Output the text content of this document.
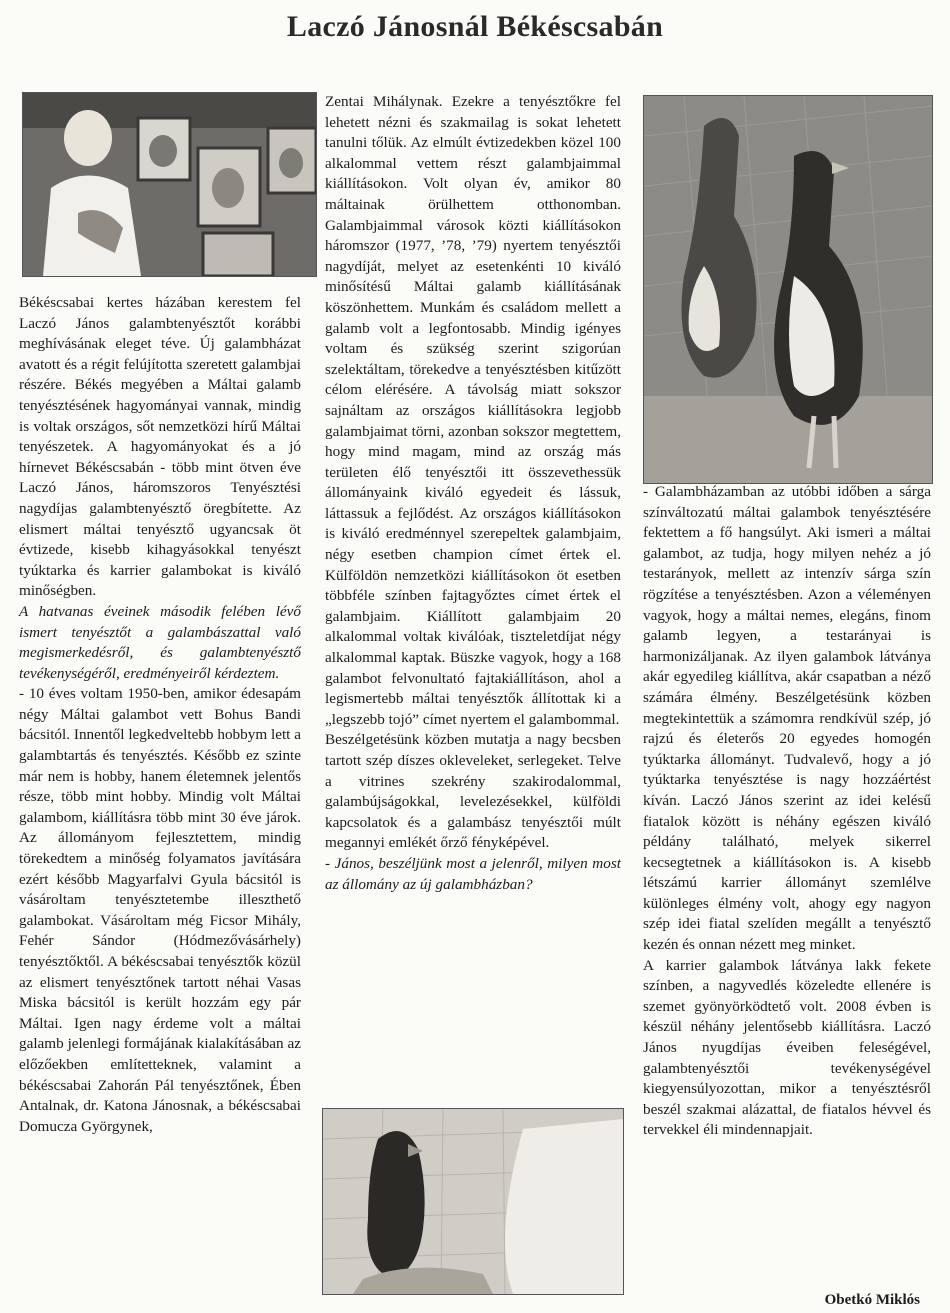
Laczó Jánosnál Békéscsabán

Békéscsabai kertes házában kerestem fel Laczó János galambtenyésztőt korábbi meghívásának eleget téve. Új galambházat avatott és a régit felújította szeretett galambjai részére. Békés megyében a Máltai galamb tenyésztésének hagyományai vannak, mindig is voltak országos, sőt nemzetközi hírű Máltai tenyészetek. A hagyományokat és a jó hírnevet Békéscsabán - több mint ötven éve Laczó János, háromszoros Tenyésztési nagydíjas galambtenyésztő öregbítette. Az elismert máltai tenyésztő ugyancsak öt évtizede, kisebb kihagyásokkal tenyészt tyúktarka és karrier galambokat is kiváló minőségben.

A hatvanas éveinek második felében lévő ismert tenyésztőt a galambászattal való megismerkedésről, és galambtenyésztő tevékenységéről, eredményeiről kérdeztem.

- 10 éves voltam 1950-ben, amikor édesapám négy Máltai galambot vett Bohus Bandi bácsitól. Innentől legkedveltebb hobbym lett a galambtartás és tenyésztés. Később ez szinte már nem is hobby, hanem életemnek jelentős része, több mint hobby. Mindig volt Máltai galambom, kiállításra több mint 30 éve járok. Az állományom fejlesztettem, mindig törekedtem a minőség folyamatos javítására ezért később Magyarfalvi Gyula bácsitól is vásároltam tenyésztetembe illeszthető galambokat. Vásároltam még Ficsor Mihály, Fehér Sándor (Hódmezővásárhely) tenyésztőktől. A békéscsabai tenyésztők közül az elismert tenyésztőnek tartott néhai Vasas Miska bácsitól is került hozzám egy pár Máltai. Igen nagy érdeme volt a máltai galamb jelenlegi formájának kialakításában az előzőekben említetteknek, valamint a békéscsabai Zahorán Pál tenyésztőnek, Ében Antalnak, dr. Katona Jánosnak, a békéscsabai Domucza Györgynek,

Zentai Mihálynak. Ezekre a tenyésztőkre fel lehetett nézni és szakmailag is sokat lehetett tanulni tőlük. Az elmúlt évtizedekben közel 100 alkalommal vettem részt galambjaimmal kiállításokon. Volt olyan év, amikor 80 máltainak örülhettem otthonomban. Galambjaimmal városok közti kiállításokon háromszor (1977, ’78, ’79) nyertem tenyésztői nagydíját, melyet az esetenkénti 10 kiváló minősítésű Máltai galamb kiállításának köszönhettem. Munkám és családom mellett a galamb volt a legfontosabb. Mindig igényes voltam és szükség szerint szigorúan szelektáltam, törekedve a tenyésztésben kitűzött célom elérésére. A távolság miatt sokszor sajnáltam az országos kiállításokra legjobb galambjaimat törni, azonban sokszor megtettem, hogy mind magam, mind az ország más területen élő tenyésztői itt összevethessük állományaink kiváló egyedeit és lássuk, láttassuk a fejlődést. Az országos kiállításokon is kiváló eredménnyel szerepeltek galambjaim, négy esetben champion címet értek el. Külföldön nemzetközi kiállításokon öt esetben többféle színben fajtagyőztes címet értek el galambjaim. Kiállított galambjaim 20 alkalommal voltak kiválóak, tiszteletdíjat négy alkalommal kaptak. Büszke vagyok, hogy a 168 galambot felvonultató fajtakiállításon, ahol a legismertebb máltai tenyésztők állítottak ki a „legszebb tojó” címet nyertem el galambommal.

Beszélgetésünk közben mutatja a nagy becsben tartott szép díszes okleveleket, serlegeket. Telve a vitrines szekrény szakirodalommal, galambújságokkal, levelezésekkel, külföldi kapcsolatok és a galambász tenyésztői múlt megannyi emlékét őrző fényképével.

- János, beszéljünk most a jelenről, milyen most az állomány az új galambházban?

- Galambházamban az utóbbi időben a sárga színváltozatú máltai galambok tenyésztésére fektettem a fő hangsúlyt. Aki ismeri a máltai galambot, az tudja, hogy milyen nehéz a jó testarányok, mellett az intenzív sárga szín rögzítése a tenyésztésben. Azon a véleményen vagyok, hogy a máltai nemes, elegáns, finom galamb legyen, a testarányai is harmonizáljanak. Az ilyen galambok látványa akár egyedileg kiállítva, akár csapatban a néző számára élmény. Beszélgetésünk közben megtekintettük a számomra rendkívül szép, jó rajzú és életerős 20 egyedes homogén tyúktarka állományt. Tudvalevő, hogy a jó tyúktarka tenyésztése is nagy hozzáértést kíván. Laczó János szerint az idei kelésű fiatalok között is néhány egészen kiváló példány található, melyek sikerrel kecsegtetnek a kiállításokon is. A kisebb létszámú karrier állományt szemlélve különleges élmény volt, ahogy egy nagyon szép idei fiatal szelíden megállt a tenyésztő kezén és onnan nézett meg minket.

A karrier galambok látványa lakk fekete színben, a nagyvedlés közeledte ellenére is szemet gyönyörködtető volt. 2008 évben is készül néhány jelentősebb kiállításra. Laczó János nyugdíjas éveiben feleségével, galambtenyésztői tevékenységével kiegyensúlyozottan, mikor a tenyésztésről beszél szakmai alázattal, de fiatalos hévvel és tervekkel éli mindennapjait.

Obetkó Miklós
